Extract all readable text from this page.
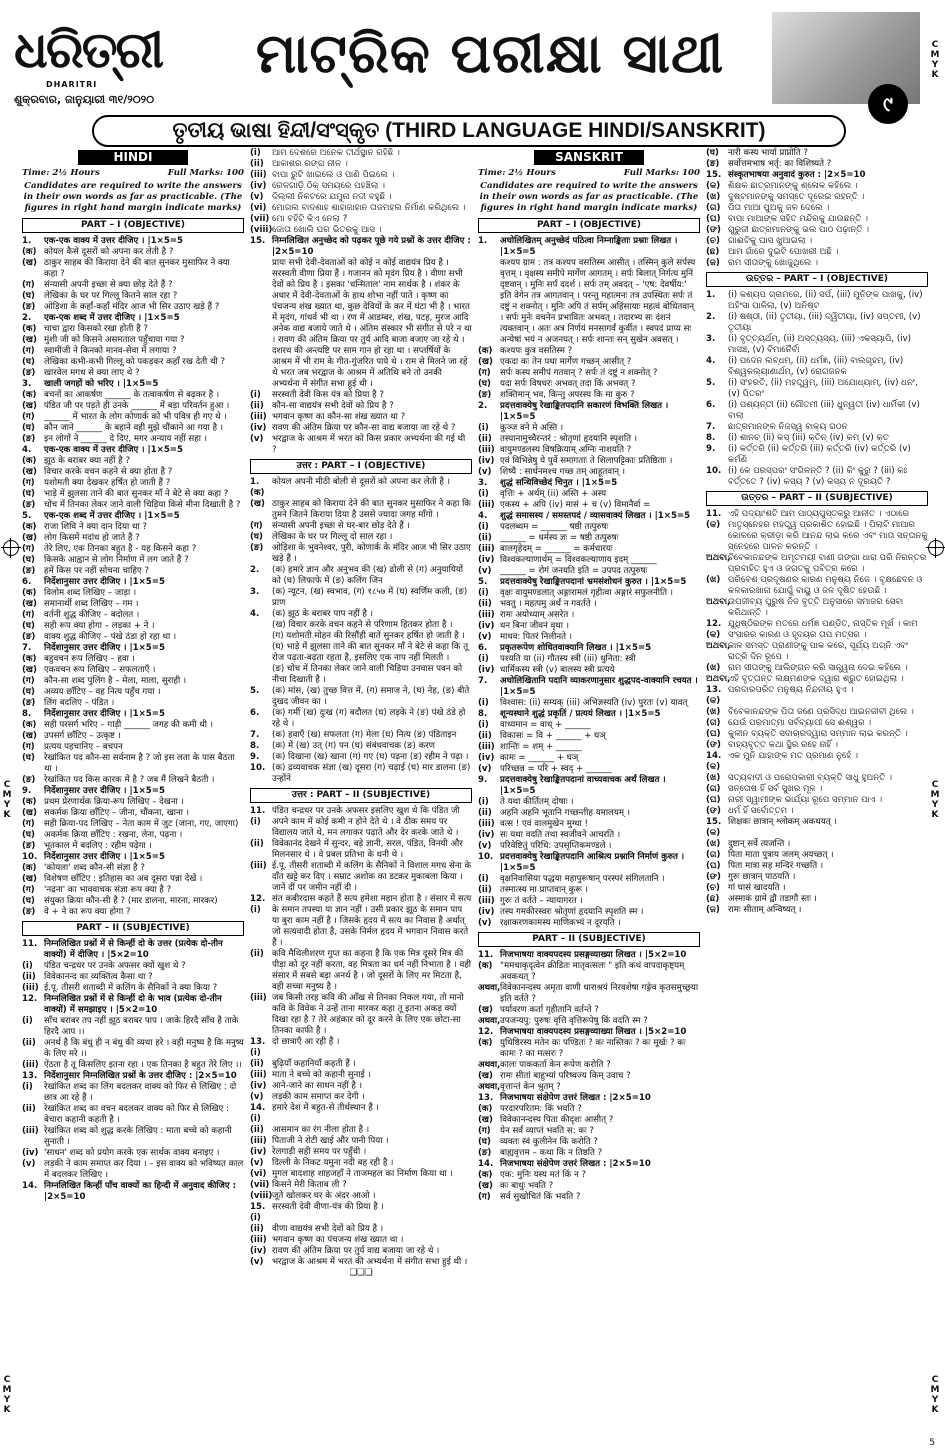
ଧରିତ୍ରୀ
DHARITRI
ଶୁକ୍ରବାର, ଜାନୁୟାରୀ ୩୧/୨୦୨୦
ମାଟ୍ରିକ ପରୀକ୍ଷା ସାଥୀ
୯
C
M
Y
K
C
M
Y
K
C
M
Y
K
C
M
Y
K
C
M
Y
K
ତୃତୀୟ ଭାଷା ହିନ୍ଦୀ/ସଂସ୍କୃତ (THIRD LANGUAGE HINDI/SANSKRIT)
HINDI
Time: 2½ Hours	Full Marks: 100
Candidates are required to write the answers in their own words as far as practicable. (The figures in right hand margin indicate marks)
PART – I (OBJECTIVE)
1.	एक-एक वाक्य में उत्तर दीजिए । |1×5=5
(क) कोयल कैसे दूसरों को अपना कर लेती है ?
(ख) ठाकुर साहब की किराया देने की बात सुनकर मुसाफिर ने क्या कहा ?
(ग)	संन्यासी अपनी इच्छा से क्या छोड़ देते हैं ?
(घ)	लेखिका के घर पर गिल्लू कितने साल रहा ?
(ङ)	ओड़िशा के कर्हां-कहाँ मंदिर आज भी सिर उठाए खड़े हैं ?
2.	एक-एक शब्द में उत्तर दीजिए । |1×5=5
(क) चाचा द्वारा किसको रखा होती है ?
(ख) मुंशी जी को किसने असमताल पहुँचाया गया ?
(ग)	स्वामीजी ने किनको मानव-सेवा में लगाया ?
(घ)	लेखिका कभी-कभी गिल्लू को पकड़कर कहाँ रख देती थी ?
(ङ)	खारवेल मगध से क्या लाए थे ?
3.	खाली जगहों को भरिए । |1×5=5
(क) बचनों का आकर्षण ______ के तत्वाकर्षण से बढ़कर है ।
(ख) पंडित जी पर पड़ते ही उनके ______ में बड़ा परिवर्तन हुआ ।
(ग)	______ में भारत के लोग कोणार्क को भी पवित्र ही गए थे ।
(घ)	कौन जाने ______ के बहाने वही मुझे चौंकाने आ गया है ।
(ङ)	इन लोगों ने ______ दे दिए, मगर अन्याय नहीं सहा ।
4.	एक-एक वाक्य में उत्तर दीजिए । |1×5=5
(क) झूठ के बराबर क्या नहीं है ?
(ख) विचार करके वचन कहने से क्या होता है ?
(ग)	यशोमती क्या देखकर हर्षित हो जाती हैं ?
(घ)	भाड़े में झुलसा ताने की बात सुनकर माँ ने बेटे से क्या कहा ?
(ङ)	चोंच में तिनका लेकर जाने वाली चिड़िया किसे मीना दिखाती है ?
5.	एक-एक शब्द में उत्तर दीजिए । |1×5=5
(क) राजा शिवि ने क्या दान दिया था ?
(ख) लोग किसमें मदांध हो जाते हैं ?
(ग)	तेरे लिए, एक तिनका बहुत है - यह किसने कहा ?
(घ)	किसके आह्वान से लोग निर्माण में लग जाते हैं ?
(ङ)	हमें किस पर नहीं सोचना चाहिए ?
6.	निर्देशानुसार उत्तर दीजिए । |1×5=5
(क) विलोम शब्द लिखिए – जाड़ा ।
(ख) समानार्थी शब्द लिखिए – गम ।
(ग)	वर्तनी शुद्ध कीजिए – बदोलत ।
(घ)	सही रूप क्या होगा – लड़का + ने ।
(ङ)	वाक्य शुद्ध कीजिए – पंखे ठंडा हो रहा था ।
7.	निर्देशानुसार उत्तर दीजिए । |1×5=5
(क) बहुवचन रूप लिखिए – हवा ।
(ख) एकवचन रूप लिखिए – सफलताएँ ।
(ग)	कौन-सा शब्द पुलिंग है – मेला, माला, सुराही ।
(घ)	अव्यय छाँटिए – वह नित्य पहुँच गया ।
(ङ)	लिंग बदलिए – पंडित ।
8.	निर्देशानुसार उत्तर दीजिए । |1×5=5
(क) सही परसर्ग भरिए – गाड़ी ______ जगह की कमी थी ।
(ख) उपसर्ग छाँटिए – उत्कृष्ट ।
(ग)	प्रत्यय पहचानिए – बचपन
(घ)	रेखांकित पद कौन-सा सर्वनाम है ? जो इस लता के पास बैठता था ।
(ङ)	रेखांकित पद किस कारक में है ? जब मैं लिखने बैठती ।
9.	निर्देशानुसार उत्तर दीजिए । |1×5=5
(क) प्रथम प्रेरणार्थक क्रिया-रूप लिखिए – देखना ।
(ख) सकर्मक क्रिया छाँटिए – जीना, चौंकना, खाना ।
(ग)	सही क्रिया-पद लिखिए – नेता काम में जुट (जाना, गए, जाएगा)
(घ)	अकर्मक क्रिया छाँटिए : रखना, लेना, पढ़ना ।
(ङ)	भूतकाल में बदलिए : रहीम पढ़ेगा ।
10. निर्देशानुसार उत्तर दीजिए । |1×5=5
(क) 'कोयला' शब्द कौन-सी संज्ञा है ?
(ख) विशेषण छाँटिए : इतिहास का अब दूसरा पन्ना देखें ।
(ग)	'नद्रना' का भाववाचक संज्ञा रूप क्या है ?
(घ)	संयुक्त क्रिया कौन-सी है ? (मार डालना, मारना, मारकर)
(ङ)	वे + ने का रूप क्या होगा ?
PART – II (SUBJECTIVE)
11. निम्नलिखित प्रश्नों में से किन्हीं दो के उत्तर (प्रत्येक दो-तीन वाक्यों) में दीजिए । |5×2=10
(i)	पंडित चन्द्रधर पर उनके अफसर क्यों खुश थे ?
(ii) विवेकानन्द का व्यक्तित्व कैसा था ?
(iii) ई.पू. तीसरी शताब्दी में कलिंग के सैनिकों ने क्या किया ?
12. निम्नलिखित प्रश्नों में से किन्हीं दो के भाव (प्रत्येक दो-तीन वाक्यों) में समझाइए । |5×2=10
(i)	साँच बराबर तप नहीं झूठ बराबर पाप । जाके हिरदै साँच है ताके हिरदै आप ।।
(ii) अनर्थ है कि बंधु ही न बंधु की व्यथा हरे । वही मनुष्य है कि मनुष्य के लिए मरे ।।
(iii) ऐंठता है तू किसलिए इतना रहा । एक तिनका है बहुत तेरे लिए ।।
13. निर्देशानुसार निम्नलिखित प्रश्नों के उत्तर दीजिए : |2×5=10
(i)	रेखांकित शब्द का लिंग बदलकर वाक्य को फिर से लिखिए : दो छात्र आ रहे हैं ।
(ii) रेखांकित शब्द का वचन बदलकर वाक्य को फिर से लिखिए : बेचारा कहानी कहती है ।
(iii) रेखांकित शब्द को शुद्ध करके लिखिए : माता बच्चे को कहानी सुनाती ।
(iv) 'साधन' शब्द को प्रयोग करके एक सार्थक वाक्य बनाइए ।
(v) लड़की ने काम समाप्त कर दिया । – इस वाक्य को भविष्यत काल में बदलकर लिखिए ।
14. निम्नलिखित किन्हीं पाँच वाक्यों का हिन्दी में अनुवाद कीजिए : |2×5=10
(i)	ଆମ ଦେଶରେ ଅନେକ ତୀର୍ଥସ୍ଥାନ ରହିଛି ।
(ii) ଆକାଶର ରଙ୍ଗ ନୀଳ ।
(iii) ବାପା ରୁଟି ଖାଇଲେ ଓ ପାଣି ପିଇଲେ ।
(iv) ରେଳଗାଡ଼ି ଠିକ୍ ସମୟରେ ପହଞ୍ଚିଲା ।
(v) ଦିଲ୍ଲୀ ନିକଟରେ ଯମୁନା ନଦୀ ବହୁଛି ।
(vi) ମୋଗଲ ବାଦଶାହ ଶାହାଜାହାନ ତାଜମହଲ ନିର୍ମାଣ କରିଥିଲେ ।
(vii) ମୋ ବହିଟି କିଏ ନେଲା ?
(viii) ଜୋତା ଖୋଲି ଘର ଭିତରକୁ ଆସ ।
15. निम्नलिखित अनुच्छेद को पढ़कर पूछे गये प्रश्नों के उत्तर दीजिए : |2×5=10
प्रायः सभी देवी-देवताओं को कोई न कोई वाद्ययंत्र प्रिय है । सरस्वती वीणा प्रिया हैं । गजानन को मृदंग प्रिय है । वीणा सभी देवों को प्रिय है । इसका 'धन्मिताल' नाम सार्थक है । शंकर के अधार में देवी-देवताओं के हाथ शोभा नहीं पाते । कृष्ण का पंचजन्य शंख ख्यात था, कुछ देवियों के कर में घंटा भी है । भारत में मृदंग, गांधर्व भी था । रण में आडम्बर, शंख, पटह, मुरज आदि अनेक वाद्य बजाये जाते थे । अंतिम संस्कार भी संगीत से परे न था । रावण की अंतिम क्रिया पर तुर्य आदि बाजा बजाए जा रहे थे । दशरथ की अन्त्यष्टि पर साम गान हो रहा था । सप्तर्षियों के आश्रम में भी राम के गीत-गुंजरित पाये थे । राम से मिलने जा रहे थे भरत जब भरद्वाज के आश्रम में अतिथि बने तो उनकी अभ्यर्थना में संगीत सभा हुई थी ।
(i)	सरस्वती देवी किस यंत्र को प्रिया है ?
(ii) कौन-सा वाद्ययंत्र सभी देवों को प्रिय है ?
(iii) भगवान कृष्ण का कौन-सा शंख ख्यात था ?
(iv) रावण की अंतिम क्रिया पर कौन-सा वाद्य बजाया जा रहे थे ?
(v) भरद्वाज के आश्रम में भरत को किस प्रकार अभ्यर्थना की गई थी ?
उत्तर : PART – I (OBJECTIVE)
1.(क)
कोयल अपनी मीठी बोली से दूसरों को अपना कर लेती है ।
(ख) ठाकुर साहब को किराया देने की बात सुनकर मुसाफिर ने कहा कि तुमने जितने किराया दिया है उससे ज्यादा जगह माँगो ।
(ग)	संन्यासी अपनी इच्छा से घर-बार छोड़ देते हैं ।
(घ)	लेखिका के घर पर गिल्लू दो साल रहा ।
(ङ)	ओड़िशा के भुवनेश्वर, पुरी, कोणार्क के मंदिर आज भी सिर उठाए खड़े हैं ।
2.	(क) हमारे ज्ञान और अनुभव की (ख) ढोली से (ग) अनुयायियों को (घ) लिफाफे में (ङ) कलिंग जिन
3.	(क) न्यूटन, (ख) स्वभाव, (ग) १८५७ में (घ) स्वर्णिम कली, (ङ) प्राण
4.	(क) झूठ के बराबर पाप नहीं है ।
(ख) विचार करके वचन कहने से परिणाम हितकर होता है ।
(ग) यशोमती मोहन की रिसौंही बातें सुनकर हर्षित हो जाती है ।
(घ) भाड़े में झुलसा ताने की बात सुनकर माँ ने बेटे से कहा कि तू रोज पढ़ता-बढ़ता रहता है, इसलिए एक नाप नहीं मिलती ।
(ङ) चोंच में तिनका लेकर जाने वाली चिड़िया उनवास पवन को नीचा दिखाती है ।
5.	(क) मांस, (ख) तुच्छ वित्त में, (ग) समाज ने, (घ) नेह, (ङ) बीते दुखद जीवन का ।
6.	(क) गर्मी (ख) दुःख (ग) बदौलत (घ) लड़के ने (ङ) पंखे ठंडे हो रहे थे ।
7.	(क) हवाएँ (ख) सफलता (ग) मेला (घ) नित्य (ङ) पंडिताइन
8.	(क) में (ख) उत् (ग) पन (घ) संबंधवाचक (ङ) करण
9.	(क) दिखाना (ख) खाना (ग) गए (घ) पढ़ना (ङ) रहीम ने पढ़ा ।
10. (क) द्रव्यवाचक संज्ञा (ख) दूसरा (ग) चढ़ाई (घ) मार डालना (ङ) उन्होंने
उत्तर : PART – II (SUBJECTIVE)
11.(i)
पंडित चन्द्रधर पर उनके अफसर इसलिए खुश थे कि पंडित जी अपने काम में कोई कमी न होने देते थे । वे ठीक समय पर विद्यालय जाते थे, मन लगाकर पढ़ाते और देर करके जाते थे ।
(ii) विवेकानंद देखने में सुन्दर, बड़े ज्ञानी, सरल, पंडित, विनयी और मिलनसार थे । वे प्रबल प्रतिभा के धनी थे ।
(iii) ई.पू. तीसरी शताब्दी में कलिंग के सैनिकों ने विशाल मगध सेना के दाँत खट्टे कर दिए । सम्राट अशोक का डटकर मुकाबला किया । जानें दीं पर जमीन नहीं दी ।
12.(i)
संत कबीरदास कहते हैं सत्य हमेशा महान होता है । संसार में सत्य के समान तपस्या या ज्ञान नहीं । उसी प्रकार झूठ के समान पाप या बुरा काम नहीं है । जिसके हृदय में सत्य का निवास है अर्थात् जो सत्यवादी होता है, उसके निर्मल हृदय में भगवान निवास करते हैं ।
(ii) कवि मैथिलीशरण गुप्त का कहना है कि एक मित्र दूसरे मित्र की पीड़ा को दूर नहीं करता, वह मित्रता का धर्म नहीं निभाता है । वही संसार में सबसे बड़ा अनर्थ है । जो दूसरों के लिए मर मिटता है, वही सच्चा मनुष्य है ।
(iii) जब किसी तरह कवि की आँख से तिनका निकल गया, तो मानो कवि के विवेक ने उन्हें ताना मारकर कहा तू इतना अकड़ क्यों दिखा रहा है ? तेरे अहंकार को दूर करने के लिए एक छोटा-सा तिनका काफी है ।
13.(i)
दो छात्राएँ आ रही हैं ।
(ii) बुढ़ियाँ कहानियाँ कहती हैं ।
(iii) माता ने बच्चे को कहानी सुनाई ।
(iv) आने-जाने का साधन नहीं है ।
(v) लड़की काम समाप्त कर देगी ।
14.(i)
हमारे देश में बहुत-से तीर्थस्थान हैं ।
(ii) आसमान का रंग नीला होता है ।
(iii) पिताजी ने रोटी खाई और पानी पिया ।
(iv) रेलगाड़ी सही समय पर पहुँची ।
(v) दिल्ली के निकट यमुना नदी बह रही है ।
(vi) मुगल बादशाह शाहजहाँ ने ताजमहल का निर्माण किया था ।
(vii) किसने मेरी किताब ली ?
(viii) जूते खोलकर घर के अंदर आओ ।
15.(i)
सरस्वती देवी वीणा-यंत्र की प्रिया है ।
(ii) वीणा वाद्ययंत्र सभी देवों को प्रिय है ।
(iii) भगवान कृष्ण का पंचजन्य शंख ख्यात था ।
(iv) रावण की अंतिम क्रिया पर तुर्य वाद्य बजाया जा रहे थे ।
(v) भरद्वाज के आश्रम में भरत की अभ्यर्थना में संगीत सभा हुई थी ।
❑❑❑
SANSKRIT
Time: 2½ Hours	Full Marks: 100
Candidates are required to write the answers in their own words as far as practicable. (The figures in right hand margin indicate marks)
PART – I (OBJECTIVE)
1.	अधोलिखितम् अनुच्छेदं पठित्वा निम्नाङ्किताः प्रश्नाः लिखत । |1×5=5
कश्यप ग्राम : तत्र कश्यप वसतिस्म आसीत् । तस्मिन् कुले सर्पस्य वृत्तम् । वृक्षस्य समीपे मार्गेण आगतम् । सर्पः बिलात् निर्गत्य मुनिं दृष्टवान् । मुनिः सर्पं ददर्श । सर्पः तम् अवदत् – 'एष: देवर्षीय:' इति वेगेन तत्र आगतवान् । परन्तु महात्मनः तत्र उपस्थितः सर्पः तं दष्टुं न शक्नोत् । मुनिः अपि तं सर्पम् अहिंसायाः महत्वं बोधितवान् । सर्पः मुनेः वचनेन प्रभावितः अभवत् । तदारभ्य सः दंशनं त्यक्तवान् । अतः अत्र निर्णयं मनसागर्वं कुर्वीत । स्वपदं प्राप्य सः अन्येषां भयं न अजनयत् । सर्पः शान्तः सन् सुखेन अवसत् ।
(क) कश्यपः कुत्र वसतिस्म ?
(ख) एकदा कः तेन पथा मार्गेण गच्छन् आसीत् ?
(ग)	सर्पः कस्य समीपं गतवान् ? सर्पः तं दष्टुं न शक्नोत् ?
(घ)	यदा सर्पः विषधरः अभवत् तदा किं अभवत् ?
(ङ)	शक्तिमान् भव, किन्तु अपरस्य कि मा कुरु ?
2.	प्रदत्तवाक्येषु रेखाङ्कितपदानि सकारणं विभक्तिं लिखत । |1×5=5
(i)	कुञ्ज वने मे अस्ति ।
(ii) तस्यानामुच्चैरन्तरं : श्रोतृणां हृदयानि स्पृशति ।
(iii) वायुमण्डलस्य विषक्रियाम् अग्निः नाशयति ?
(iv) एवं विभिन्नेषु ये पुर्वे समागताः ते शिलापट्टिकाः प्रतिष्ठिताः ।
(v) शिष्यै : सार्धनमश्च गच्छ तम् आहूतवान् ।
3.	शुद्धं सन्धिविच्छेदं चिनुत । |1×5=5
(i)	वृत्तिः + अर्थम् (ii) अस्ति + अस्य
(iii) एकस्य + अपि (iv) मासं + च (v) विमानैर्वा =
4.	शुद्धं समासस्य / समस्तपदं / व्यासवाक्यं लिखत । |1×5=5
(i)	पदलब्धम = ______ षष्ठी तत्पुरुषः
(ii) ______ = धर्मस्य ज्ञः = षष्ठी तत्पुरुषः
(iii) बालगृहेदम् = ______ = कर्मधारयः
(iv) विश्वकल्याणार्थम् = विश्वकल्याणाय इदम् ______
(v) ______ = रोगं जनयति इति = उपपद तत्पुरुषः
5.	प्रदत्तवाक्येषु रेखाङ्कितपदानां भ्रमसंशोधनं कुरुत । |1×5=5
(i)	वृक्षः वायुमण्डलात् अङ्गारामलं गृहीत्वा अङ्गारं सफुलनीति ।
(ii) भवतु । महत्पमु अर्थं न गवर्तते ।
(iii) रामः अयोध्याम् असरेत ।
(iv) धन बिना जीवनं वृथा ।
(v) माधव: पितरं निलीनते ।
6.	प्रकृतरूपेण शोधितवाक्यानि लिखत । |1×5=5
(i)	पश्यति या (ii) गौतस्य स्त्री (iii) धुनिता: स्त्री
(iv) धार्मिकस्य स्त्री (v) बालस्य स्त्री प्रत्यये
7.	अधोलिखितानि पदानि व्याकरणानुसार शुद्धपद-वाक्यानि रचयत । |1×5=5
(i)	विश्वास: (ii) सम्यक् (iii) अभिज्ञस्यति (iv) पुरतः (v) यावत्
8.	शून्यस्थाने शुद्धं प्रकृतिं / प्रत्ययं लिखत । |1×5=5
(i)	वाध्यमान = वाध् + ______
(ii) विकासः = वि + ______ + घञ्
(iii) शान्तिः = शम् + ______
(iv) कामः = ______ + घञ्
(v) परिच्छन्न = परि + स्वद् + ______
9.	प्रदत्तवाक्येषु रेखाङ्कितपदानां वाच्यवाचक अर्थं लिखत । |1×5=5
(i)	ते यथा कीर्तितम् दोषाः ।
(ii) अहनि अहनि भूतानि गच्छन्तीह यमालयम् ।
(iii) वत्स ! एवं वालमुखेन मुग्धा !
(iv) सः यथा वदति तथा स्वजीवने आचरति ।
(v) परिवेष्टितुं परिधि: उपसृप्तिकमण्डले ।
10. प्रदत्तवाक्येषु रेखाङ्कितपदानि आश्रित्य प्रश्नानि निर्माणं कुरुत । |1×5=5
(i)	वृक्षनिवासिया पद्धया महापुरूषान् परस्परं संगिलतानि ।
(ii) तस्मात्स्य मा प्राप्तवान् कुरू ।
(iii) गुरुः तं वर्तते – न्यायागरत ।
(iv) तस्य गमकीरस्वरः श्रोतृणां हृदयानि स्पृशति स्म ।
(v) रक्षाकरणकामस्य माणिकभ्यं न दूरयति ।
PART – II (SUBJECTIVE)
11. निजभाषया वाक्यपदस्य प्रसङ्गव्याख्या लिखत । |5×2=10
(क) "ममचाकृदृत्वेन क्रीडितः मातृवत्सलः " इति कथं वापदाकृष्ट्यम् अवकथत् ?
अथवा, विवेकानन्दस्य अमृता वाणी धाराश्रयं निरवशेषा गङ्गेव कृतसमुच्छ्रया इति वर्तते ?
(ख) पर्यावरण कर्ता गृहीतानि वर्तन्ते ?
अथवा, उपजन्यपु: पुरुषः वृत्ति वृत्तिरूपेषु किं वदति स्म ?
12. निजभाषया वाक्यपदस्य प्रसङ्गव्याख्या लिखत । |5×2=10
(क) युधिष्ठिरस्य मतेन कः पण्डितः ? कः नास्तिकः ? कः मूर्खः ? कः कामः ? का मत्सरः ?
अथवा, कालः पाककर्ता केन रूपेण करोति ?
(ख) रामः सीतां बाहुभ्यां परिष्वज्य किम् उवाच ?
अथवा, वृत्तान्तं केन श्रुतम् ?
13. निजभाषया संक्षेपेण उत्तरं लिखत : |2×5=10
(क) परदारपरितम: किं भवति ?
(ख) विवेकानन्दस्य पिता कीदृशः आसीत् ?
(ग)	येन सर्वं व्याप्तं भवति स: कः ?
(घ)	व्यक्तः स्वं कुलीनेन किं करोति ?
(ङ)	बाह्यवृत्तम – कथा किं न तिष्ठति ?
14. निजभाषया संक्षेपेण उत्तरं लिखत : |2×5=10
(क) एक: मुनिः यस्य मतं किं न ?
(ख) कः बाधुः भवति ?
(ग)	सर्व सुखोचितं किं भवति ?
(घ)	नारी कस्य भार्या प्राप्नोति ?
(ङ)	सर्वोत्तमभाष भर्तृ: का विशिष्यते ?
15. संस्कृतभाषया अनुवादं कुरुत : |2×5=10
(କ) ଶିକ୍ଷକ ଛାତ୍ରମାନଙ୍କୁ ଶ୍ଳୋକ କହିଲେ ।
(ଖ) ଦୁଷ୍ଟମାନଙ୍କୁ ସମସ୍ତେ ଦୂରେଇ ରହନ୍ତି ।
(ଗ) ପିତା ମାଆ ପୁଅକୁ ଜଳ ଦେଲେ ।
(ଘ) ବାପା ମାଆଙ୍କ ସହିତ ମନ୍ଦିରକୁ ଯାଉଛନ୍ତି ।
(ଙ) ଗୁରୁଜୀ ଛାତ୍ରମାନଙ୍କୁ ଭଲ ପାଠ ପଢ଼ାନ୍ତି ।
(ଚ) ଗାଈଟିକୁ ଘାସ ଖୁଆଇଲା ।
(ଛ)	ଆମ ଗାଁରେ ଦୁଇଟି ପୋଖରୀ ଅଛି ।
(ଜ) ରାମ ସୀତାଙ୍କୁ ଖୋଜୁଥିଲେ ।
ଉତ୍ତର – PART – I (OBJECTIVE)
1.	(i) କଶ୍ୟପ ଗ୍ରାମରେ, (ii) ସର୍ପ, (iii) ମୁନିଙ୍କ ପାଖକୁ, (iv) ଅହିଂସା ପାଳିଲା, (v) ଅନିଷ୍ଟ
2.	(i) ଷଷ୍ଠୀ, (ii) ତୃତୀୟା, (iii) ଦ୍ୱିତୀୟା, (iv) ସପ୍ତମୀ, (v) ତୃତୀୟା
3.	(i) ବୃତ୍ତ୍ୟର୍ଥମ୍, (ii) ଅସ୍ତ୍ୟସ୍ୟ, (iii) ଏକସ୍ୟାପି, (iv) ମାସଞ୍ଚ, (v) ବିମାନୈର୍ବା
4.	(i) ପଦେନ ଲବ୍ଧମ୍, (ii) ଧର୍ମଜ୍ଞ, (iii) ବାଲଗୃହମ୍, (iv) ବିଶ୍ୱକଲ୍ୟାଣାର୍ଥମ୍, (v) ରୋଗଜନକ
5.	(i) ସଂହରତି, (ii) ମହତ୍ତ୍ୱମ୍, (iii) ଅଯୋଧ୍ୟାମ୍, (iv) ଧନଂ, (v) ପିତରଂ
6.	(i) ପଶ୍ୟନ୍ତୀ (ii) ଗୌତମୀ (iii) ଧୁନ୍ୱତୀ (iv) ଧାର୍ମିକୀ (v) ବାଲା
7.	ଛାତ୍ରମାନଙ୍କ ନିଜସ୍ୱ ବାକ୍ୟ ଗଠନ
8.	(i) ଶାନଚ୍ (ii) କସ୍ (iii) କ୍ତିନ୍ (iv) କମ୍ (v) କ୍ତ
9.	(i) କର୍ତ୍ତରି (ii) କର୍ତ୍ତରି (iii) କର୍ତ୍ତରି (iv) କର୍ତ୍ତରି (v) କର୍ମଣି
10. (i) କେ ପରସ୍ପରଂ ସଂଗିଳନ୍ତି ? (ii) କିଂ କୁରୁ ? (iii) କଃ ବର୍ତ୍ତତେ ? (iv) କସ୍ୟ ? (v) କସ୍ୟ ନ ଦୂରୟତି ?
ଉତ୍ତର – PART – II (SUBJECTIVE)
11.(କ)
ଏହି ପଦ୍ୟାଂଶଟି ଆମ ପାଠ୍ୟପୁସ୍ତକରୁ ଆନୀତ । ଏଠାରେ ମାତୃସ୍ନେହର ମହତ୍ତ୍ୱ ପ୍ରକାଶିତ ହୋଇଛି । ପିଲାଟି ମାଆର କୋଳରେ କ୍ରୀଡ଼ା କରି ଆନନ୍ଦ ଲାଭ କରେ ଏବଂ ମାତା ସନ୍ତାନକୁ ସ୍ନେହରେ ପାଳନ କରନ୍ତି ।
ଅଥବା,
ବିବେକାନନ୍ଦଙ୍କ ଅମୃତମୟୀ ବାଣୀ ଗଙ୍ଗା ଧାରା ପରି ନିରନ୍ତର ପ୍ରବାହିତ ହୁଏ ଓ ଜଗତକୁ ପବିତ୍ର କରେ ।
(ଖ) ପରିବେଶ ପ୍ରଦୂଷଣର କାରଣ ମନୁଷ୍ୟ ନିଜେ । ବୃକ୍ଷଛେଦନ ଓ କଳକାରଖାନା ଯୋଗୁଁ ବାୟୁ ଓ ଜଳ ଦୂଷିତ ହେଉଛି ।
ଅଥବା,
ଉପଜୀବ୍ୟ ପୁରୁଷ ନିଜ ବୃତ୍ତି ଅନୁସାରେ ସମାଜର ସେବା କରିଥାନ୍ତି ।
12.(କ)
ଯୁଧିଷ୍ଠିରଙ୍କ ମତରେ ଧର୍ମଜ୍ଞ ପଣ୍ଡିତ, ନାସ୍ତିକ ମୂର୍ଖ । କାମ ସଂସାରର କାରଣ ଓ ହୃଦୟର ତାପ ମତ୍ସର ।
ଅଥବା,
କାଳ ସମସ୍ତ ପ୍ରାଣୀଙ୍କୁ ପାକ କରେ, ସୂର୍ଯ୍ୟ ଅଗ୍ନି ଏବଂ ରାତ୍ରି ଦିନ ରୂପେ ।
(ଖ) ରାମ ସୀତାଙ୍କୁ ଆଲିଙ୍ଗନ କରି ସାନ୍ତ୍ୱନା ଦେଇ କହିଲେ ।
ଅଥବା,
ଏହି ବୃତ୍ତାନ୍ତ ଲକ୍ଷ୍ମଣଙ୍କ ଦ୍ୱାରା ଶ୍ରୁତ ହୋଇଥିଲା ।
13.(କ)
ପରଦାରପରିତ ମନୁଷ୍ୟ ନିନ୍ଦନୀୟ ହୁଏ ।
(ଖ) ବିବେକାନନ୍ଦଙ୍କ ପିତା ଜଣେ ପ୍ରସିଦ୍ଧ ଆଇନଜୀବୀ ଥିଲେ ।
(ଗ) ଯେଉଁ ପରମାତ୍ମା ସର୍ବବ୍ୟାପୀ ସେ ଈଶ୍ୱର ।
(ଘ) କୁଳୀନ ବ୍ୟକ୍ତି ସଦାଚାରଦ୍ୱାରା ସମ୍ମାନ ଲାଭ କରନ୍ତି ।
(ଙ) ବାହ୍ୟବୃତ୍ତ କଥା ସ୍ଥିର ରହେ ନାହିଁ ।
14.(କ)
ଏକ ମୁନି ଯାହାଙ୍କ ମତ ପ୍ରମାଣ ନୁହେଁ ।
(ଖ) ସତ୍ୟବାଦୀ ଓ ପରୋପକାରୀ ବ୍ୟକ୍ତି ସାଧୁ ହୁଅନ୍ତି ।
(ଗ) ସନ୍ତୋଷ ହିଁ ସର୍ବ ସୁଖର ମୂଳ ।
(ଘ) ନାରୀ ସ୍ୱାମୀଙ୍କ ଭାର୍ଯ୍ୟା ରୂପେ ସମ୍ମାନ ପାଏ ।
(ଙ) ଧର୍ମ ହିଁ ସର୍ବୋତ୍ତମ ।
15.(କ)
शिक्षकः छात्रान् श्लोकम् अकथयत् ।
(ଖ) दुष्टान् सर्वे त्यजन्ति ।
(ଗ) पिता माता पुत्राय जलम् अयच्छत् ।
(ଘ) पिता मात्रा सह मन्दिरं गच्छति ।
(ଙ) गुरुः छात्रान् पाठयति ।
(ଚ) गां घासं खादयति ।
(ଛ)	अस्माकं ग्रामे द्वौ तडागौ स्तः ।
(ଜ) रामः सीताम् अन्विष्यत् ।
5
